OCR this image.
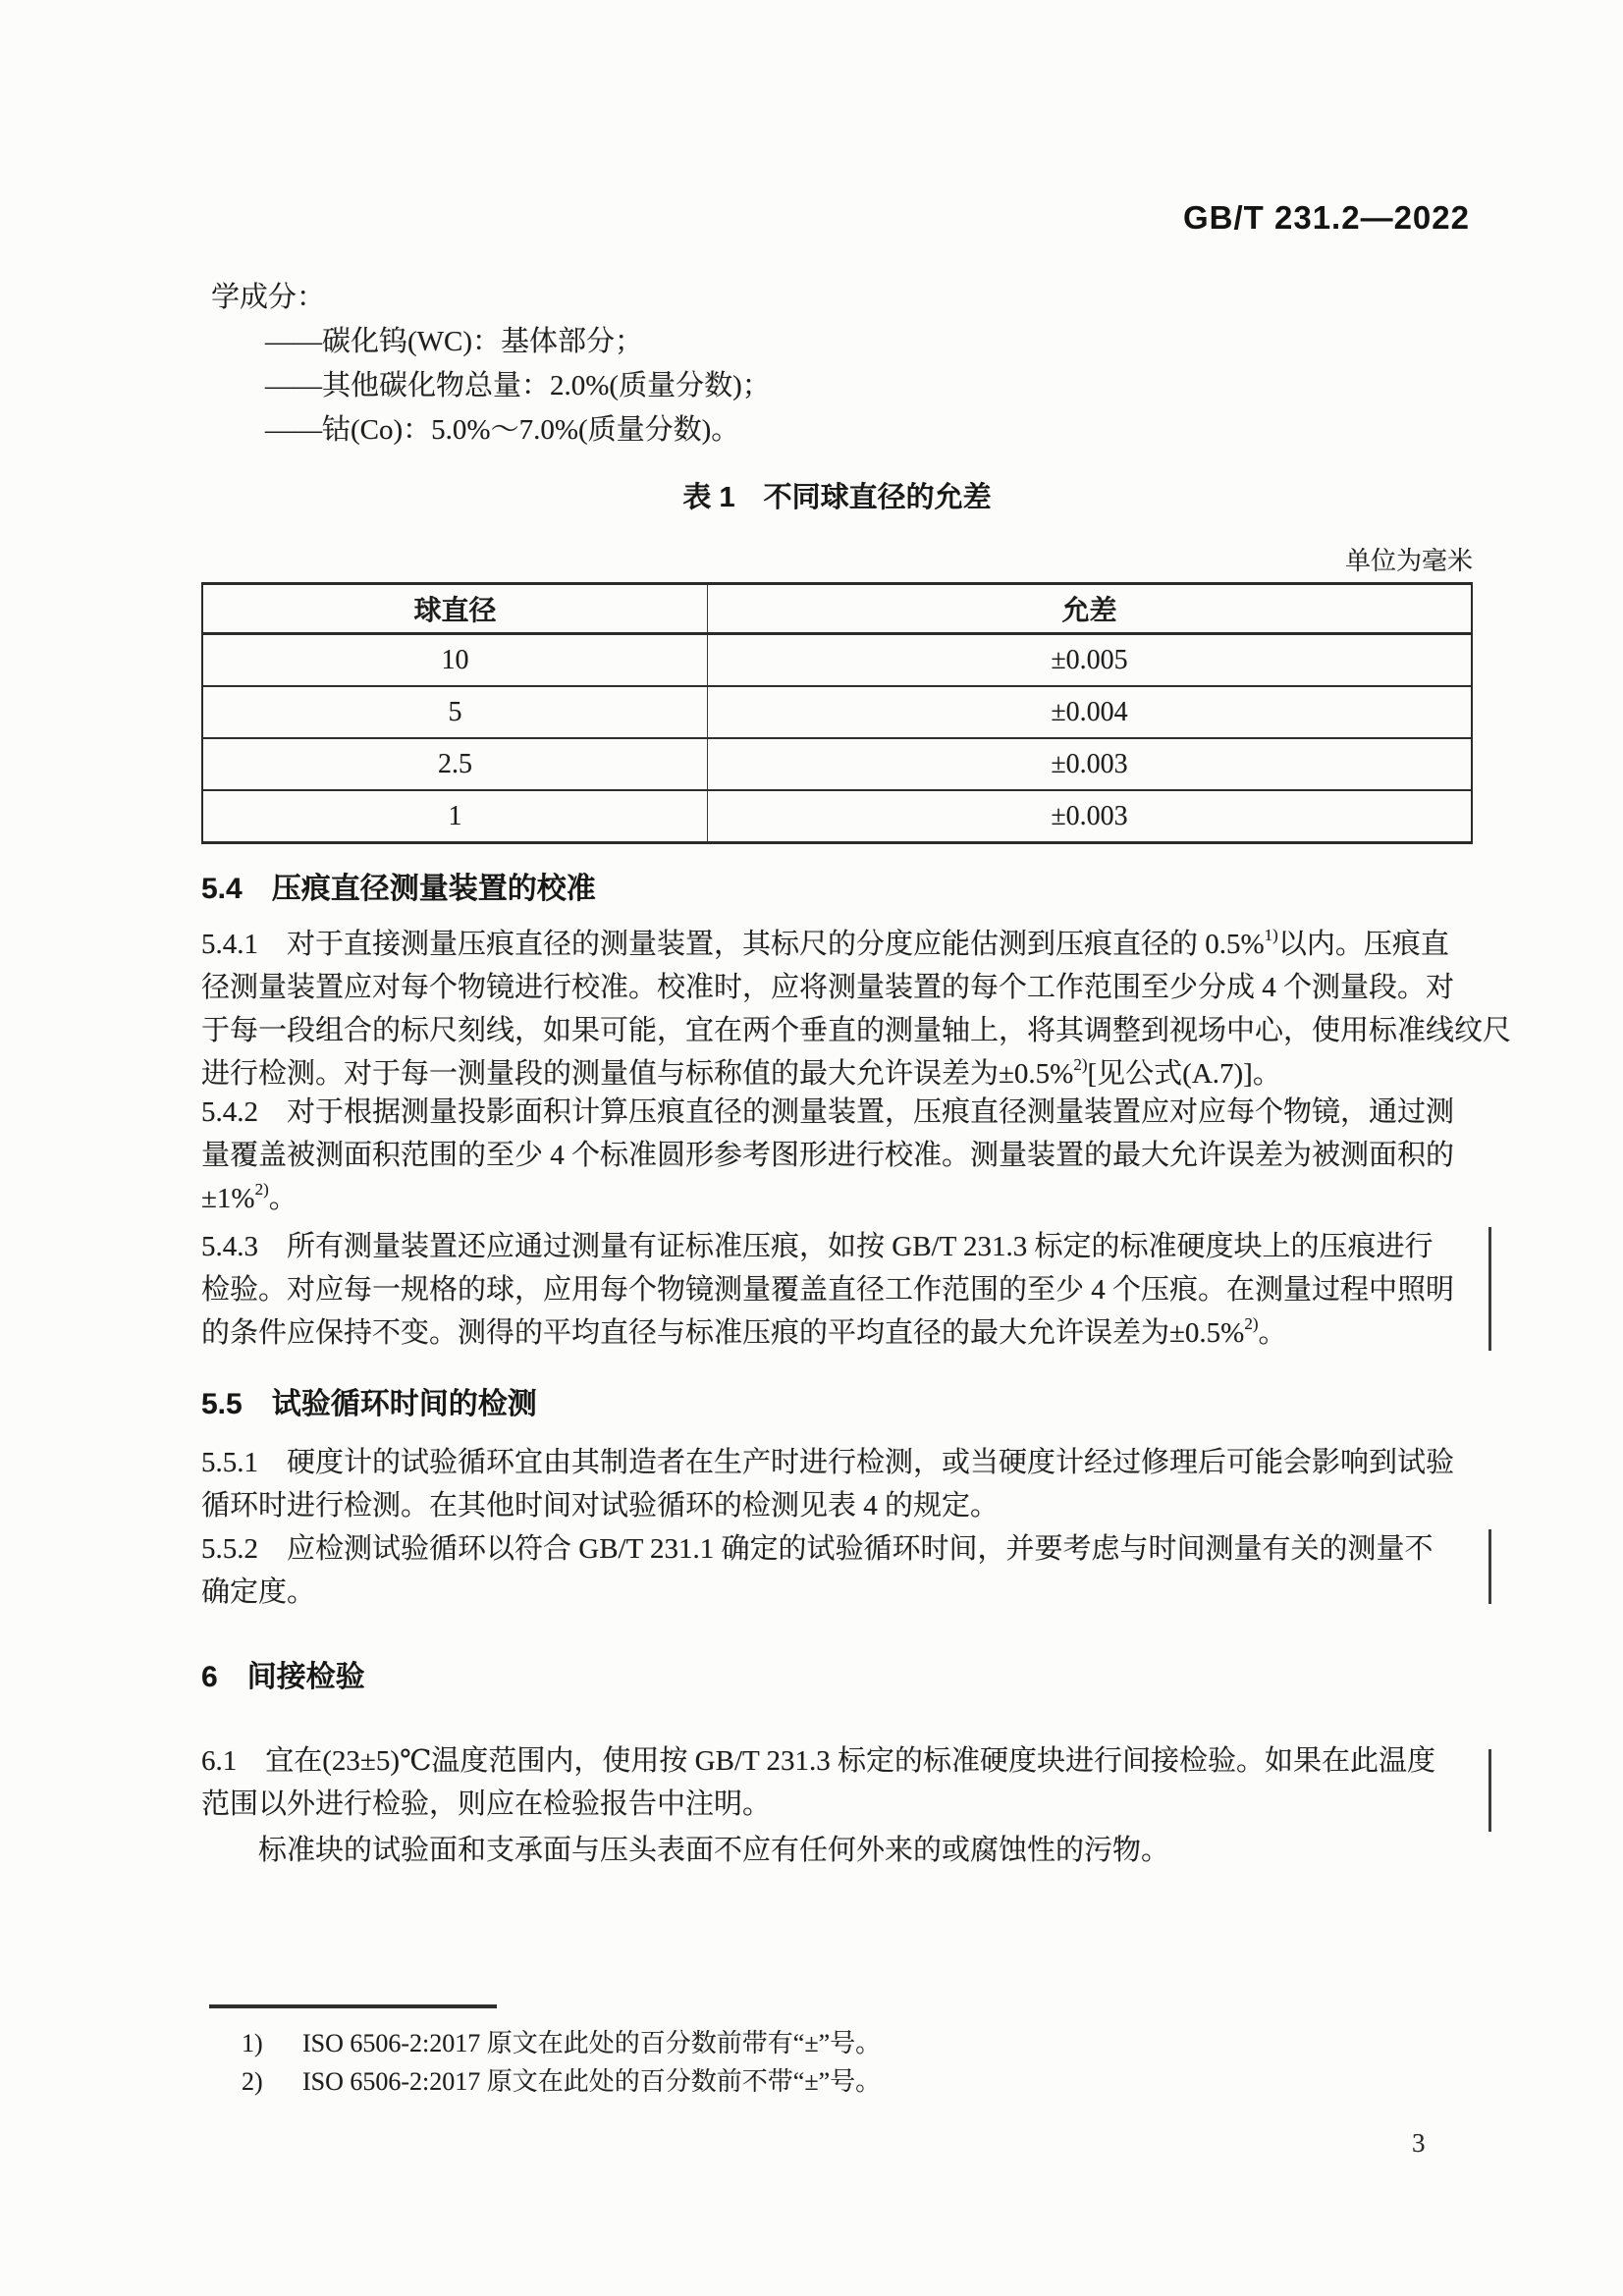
GB/T 231.2—2022
学成分：
——碳化钨(WC)：基体部分；
——其他碳化物总量：2.0%(质量分数)；
——钴(Co)：5.0%～7.0%(质量分数)。
表 1　不同球直径的允差
单位为毫米
球直径	允差
10	±0.005
5	±0.004
2.5	±0.003
1	±0.003
5.4　压痕直径测量装置的校准
5.4.1　对于直接测量压痕直径的测量装置，其标尺的分度应能估测到压痕直径的 0.5%$^{1)}$以内。压痕直
径测量装置应对每个物镜进行校准。校准时，应将测量装置的每个工作范围至少分成 4 个测量段。对
于每一段组合的标尺刻线，如果可能，宜在两个垂直的测量轴上，将其调整到视场中心，使用标准线纹尺
进行检测。对于每一测量段的测量值与标称值的最大允许误差为±0.5%$^{2)}$[见公式(A.7)]。
5.4.2　对于根据测量投影面积计算压痕直径的测量装置，压痕直径测量装置应对应每个物镜，通过测
量覆盖被测面积范围的至少 4 个标准圆形参考图形进行校准。测量装置的最大允许误差为被测面积的
±1%$^{2)}$。
5.4.3　所有测量装置还应通过测量有证标准压痕，如按 GB/T 231.3 标定的标准硬度块上的压痕进行
检验。对应每一规格的球，应用每个物镜测量覆盖直径工作范围的至少 4 个压痕。在测量过程中照明
的条件应保持不变。测得的平均直径与标准压痕的平均直径的最大允许误差为±0.5%$^{2)}$。
5.5　试验循环时间的检测
5.5.1　硬度计的试验循环宜由其制造者在生产时进行检测，或当硬度计经过修理后可能会影响到试验
循环时进行检测。在其他时间对试验循环的检测见表 4 的规定。
5.5.2　应检测试验循环以符合 GB/T 231.1 确定的试验循环时间，并要考虑与时间测量有关的测量不
确定度。
6　间接检验
6.1　宜在(23±5)℃温度范围内，使用按 GB/T 231.3 标定的标准硬度块进行间接检验。如果在此温度
范围以外进行检验，则应在检验报告中注明。
标准块的试验面和支承面与压头表面不应有任何外来的或腐蚀性的污物。
1) ISO 6506-2:2017 原文在此处的百分数前带有“±”号。
2) ISO 6506-2:2017 原文在此处的百分数前不带“±”号。
3
